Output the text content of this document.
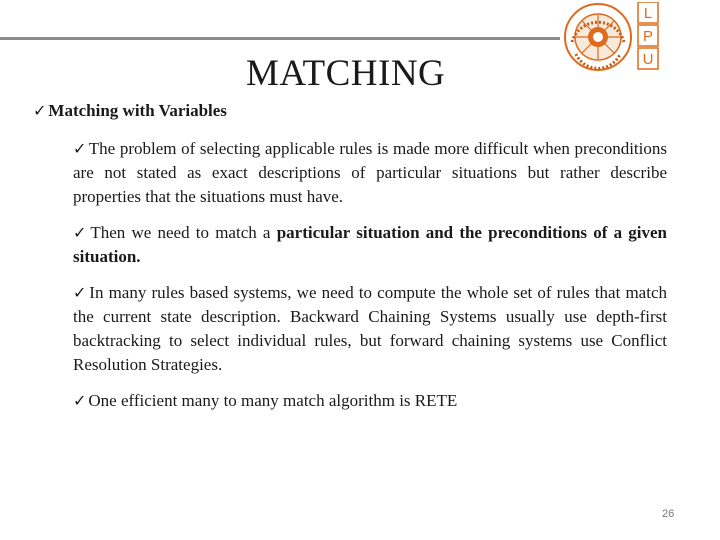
L
P
U
MATCHING
✓ Matching with Variables

✓ The problem of selecting applicable rules is made more difficult when preconditions are not stated as exact descriptions of particular situations but rather describe properties that the situations must have.

✓ Then we need to match a particular situation and the preconditions of a given situation.

✓ In many rules based systems, we need to compute the whole set of rules that match the current state description. Backward Chaining Systems usually use depth-first backtracking to select individual rules, but forward chaining systems use Conflict Resolution Strategies.

✓ One efficient many to many match algorithm is RETE

26
